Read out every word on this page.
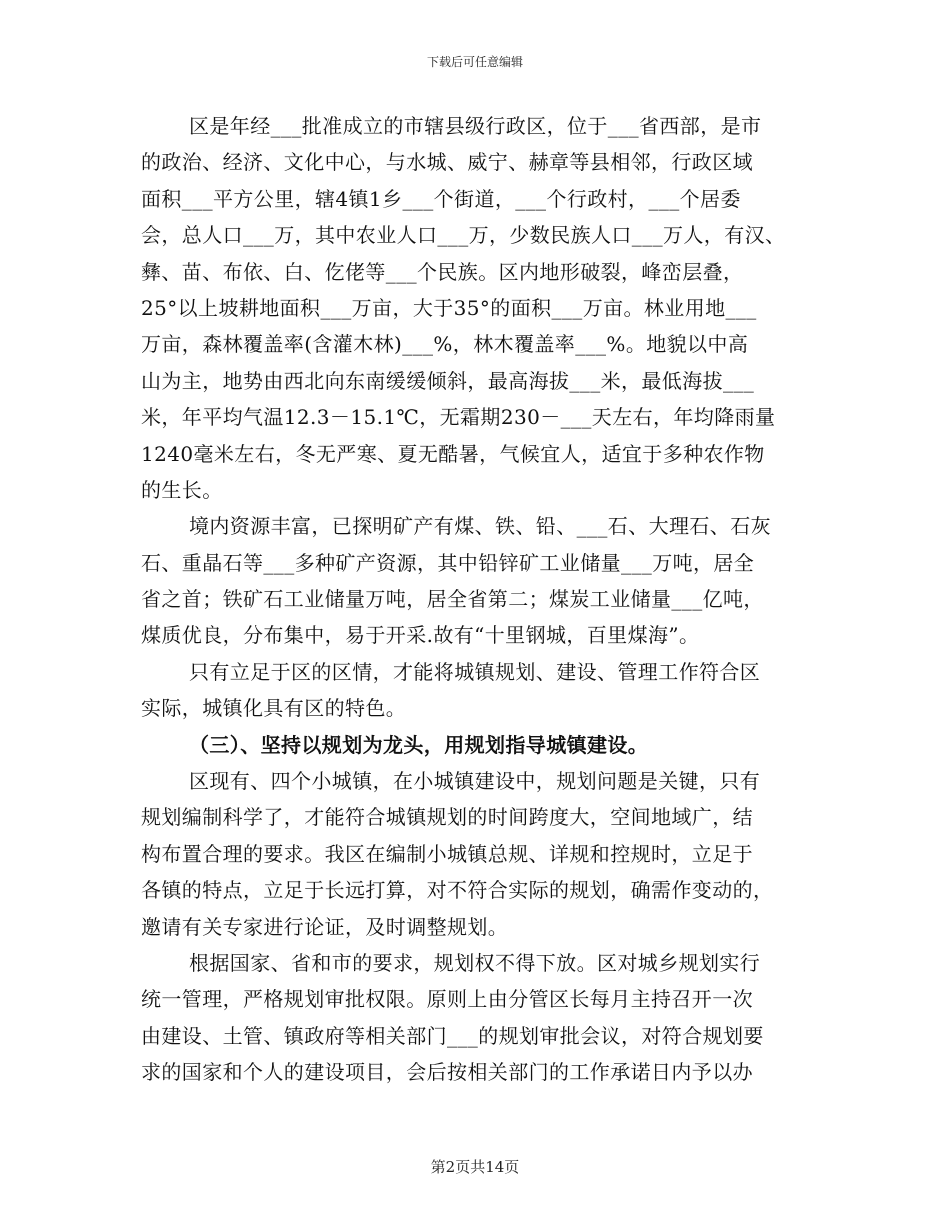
下载后可任意编辑
区是年经___批准成立的市辖县级行政区，位于___省西部，是市
的政治、经济、文化中心，与水城、威宁、赫章等县相邻，行政区域
面积___平方公里，辖4镇1乡___个街道，___个行政村，___个居委
会，总人口___万，其中农业人口___万，少数民族人口___万人，有汉、
彝、苗、布依、白、仡佬等___个民族。区内地形破裂，峰峦层叠，
25°以上坡耕地面积___万亩，大于35°的面积___万亩。林业用地___
万亩，森林覆盖率(含灌木林)___%，林木覆盖率___%。地貌以中高
山为主，地势由西北向东南缓缓倾斜，最高海拔___米，最低海拔___
米，年平均气温12.3－15.1℃，无霜期230－___天左右，年均降雨量
1240毫米左右，冬无严寒、夏无酷暑，气候宜人，适宜于多种农作物
的生长。
境内资源丰富，已探明矿产有煤、铁、铅、___石、大理石、石灰
石、重晶石等___多种矿产资源，其中铅锌矿工业储量___万吨，居全
省之首；铁矿石工业储量万吨，居全省第二；煤炭工业储量___亿吨，
煤质优良，分布集中，易于开采.故有“十里钢城，百里煤海”。
只有立足于区的区情，才能将城镇规划、建设、管理工作符合区
实际，城镇化具有区的特色。
（三）、坚持以规划为龙头，用规划指导城镇建设。
区现有、四个小城镇，在小城镇建设中，规划问题是关键，只有
规划编制科学了，才能符合城镇规划的时间跨度大，空间地域广，结
构布置合理的要求。我区在编制小城镇总规、详规和控规时，立足于
各镇的特点，立足于长远打算，对不符合实际的规划，确需作变动的，
邀请有关专家进行论证，及时调整规划。
根据国家、省和市的要求，规划权不得下放。区对城乡规划实行
统一管理，严格规划审批权限。原则上由分管区长每月主持召开一次
由建设、土管、镇政府等相关部门___的规划审批会议，对符合规划要
求的国家和个人的建设项目，会后按相关部门的工作承诺日内予以办
第2页共14页
